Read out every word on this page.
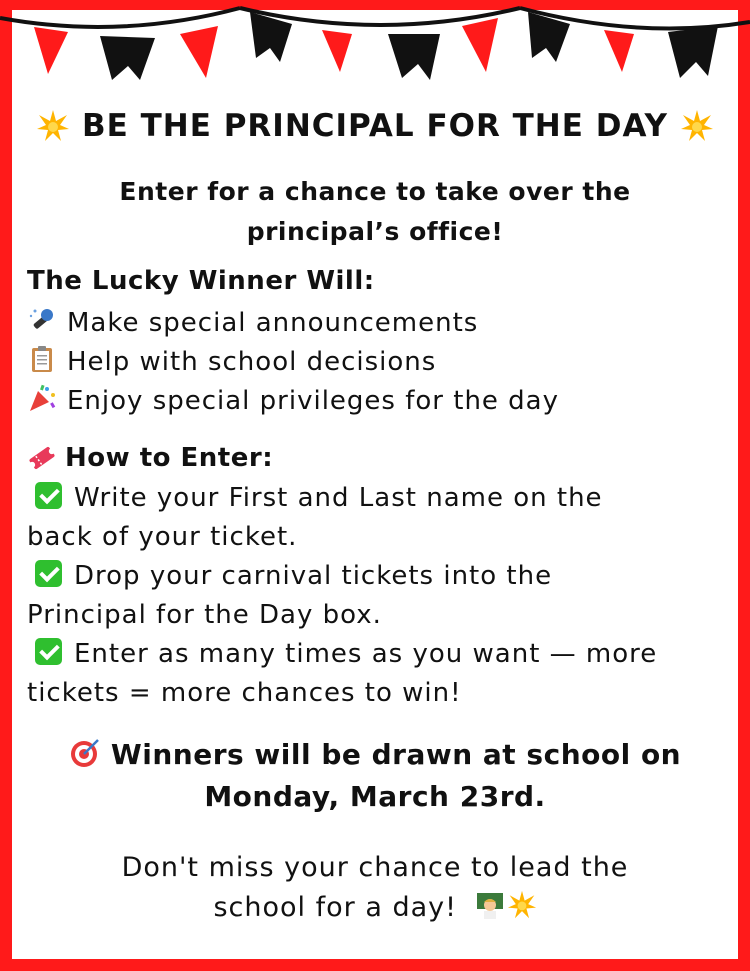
BE THE PRINCIPAL FOR THE DAY
Enter for a chance to take over the
principal’s office!
The Lucky Winner Will:
Make special announcements
Help with school decisions
Enjoy special privileges for the day
How to Enter:
Write your First and Last name on the
back of your ticket.
Drop your carnival tickets into the
Principal for the Day box.
Enter as many times as you want — more
tickets = more chances to win!
Winners will be drawn at school on
Monday, March 23rd.
Don't miss your chance to lead the
school for a day!
